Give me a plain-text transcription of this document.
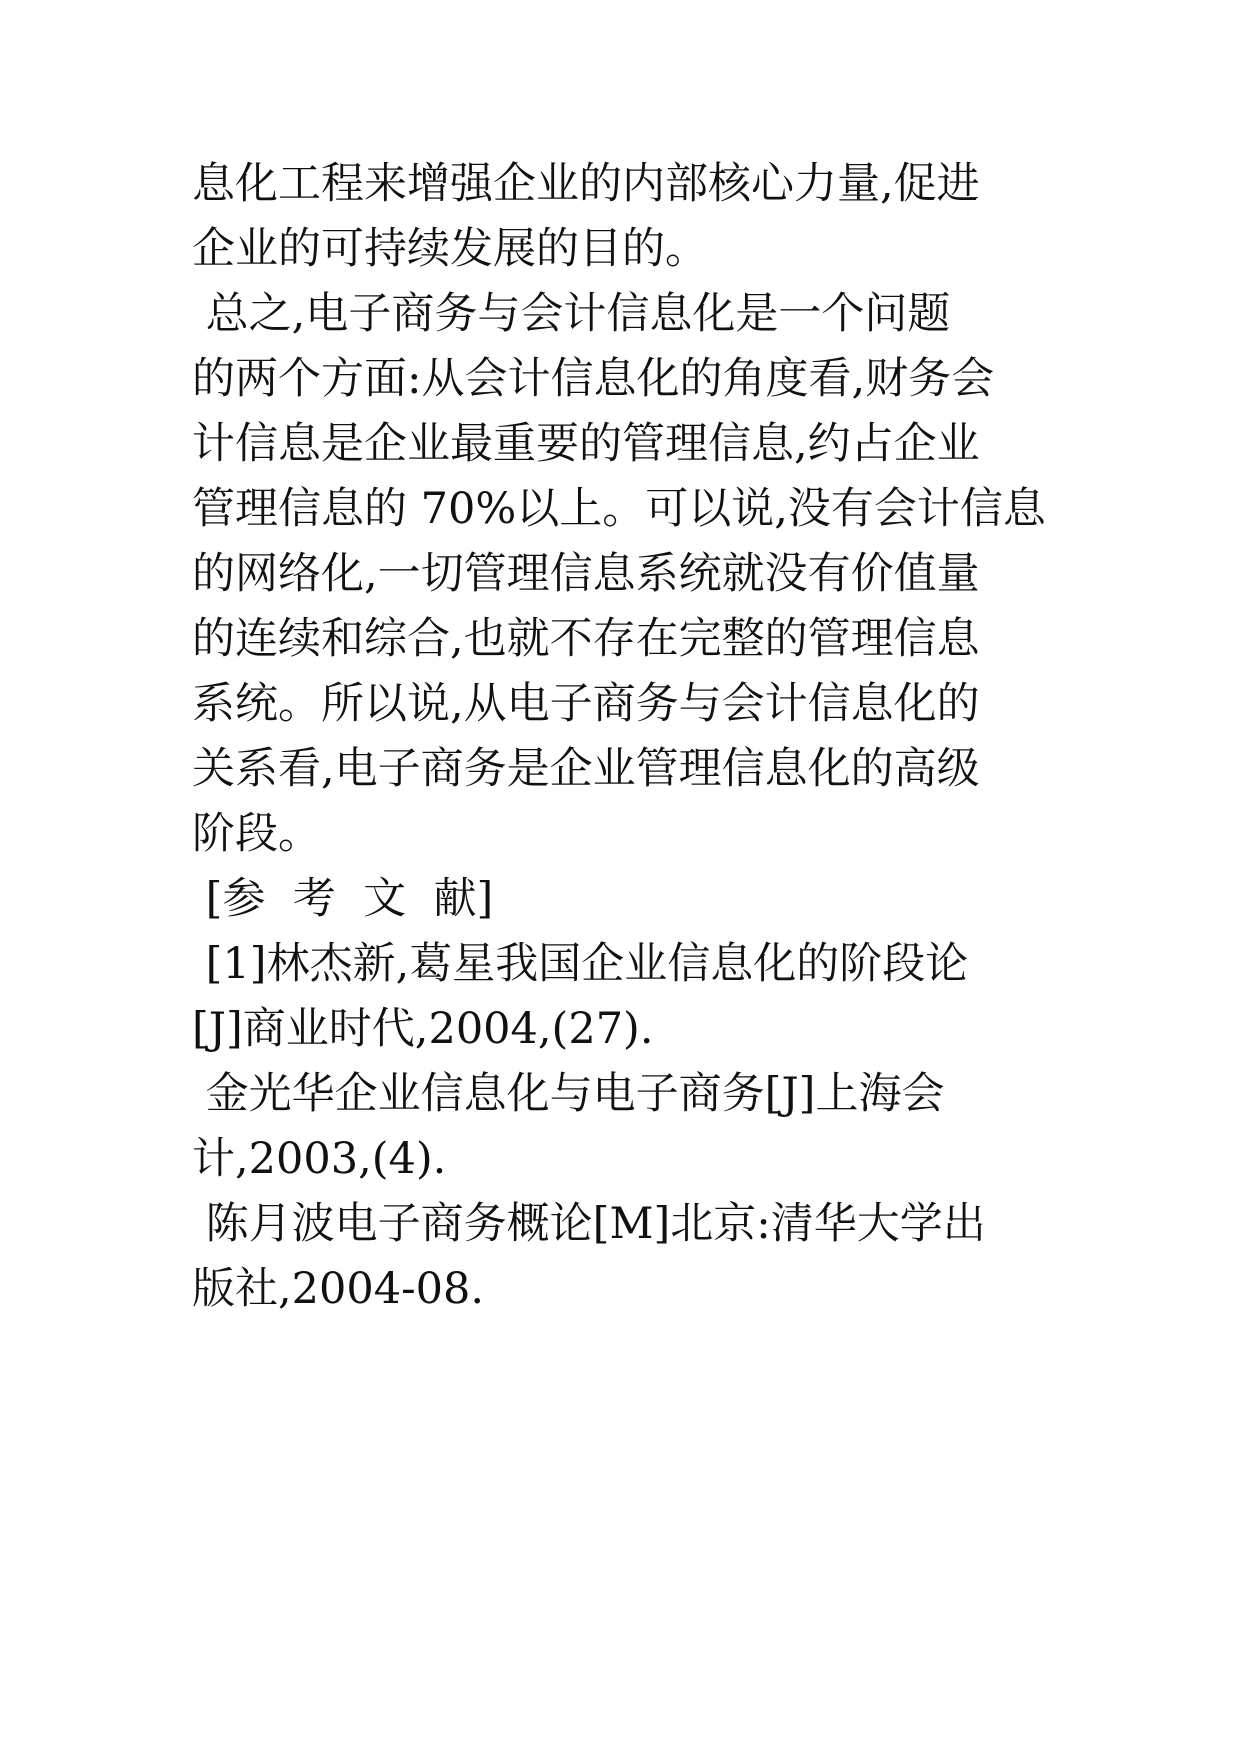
息化工程来增强企业的内部核心力量,促进
企业的可持续发展的目的。
总之,电子商务与会计信息化是一个问题
的两个方面:从会计信息化的角度看,财务会
计信息是企业最重要的管理信息,约占企业
管理信息的 70%以上。可以说,没有会计信息
的网络化,一切管理信息系统就没有价值量
的连续和综合,也就不存在完整的管理信息
系统。所以说,从电子商务与会计信息化的
关系看,电子商务是企业管理信息化的高级
阶段。
[参  考  文  献]
[1]林杰新,葛星我国企业信息化的阶段论
[J]商业时代,2004,(27).
金光华企业信息化与电子商务[J]上海会
计,2003,(4).
陈月波电子商务概论[M]北京:清华大学出
版社,2004-08.
